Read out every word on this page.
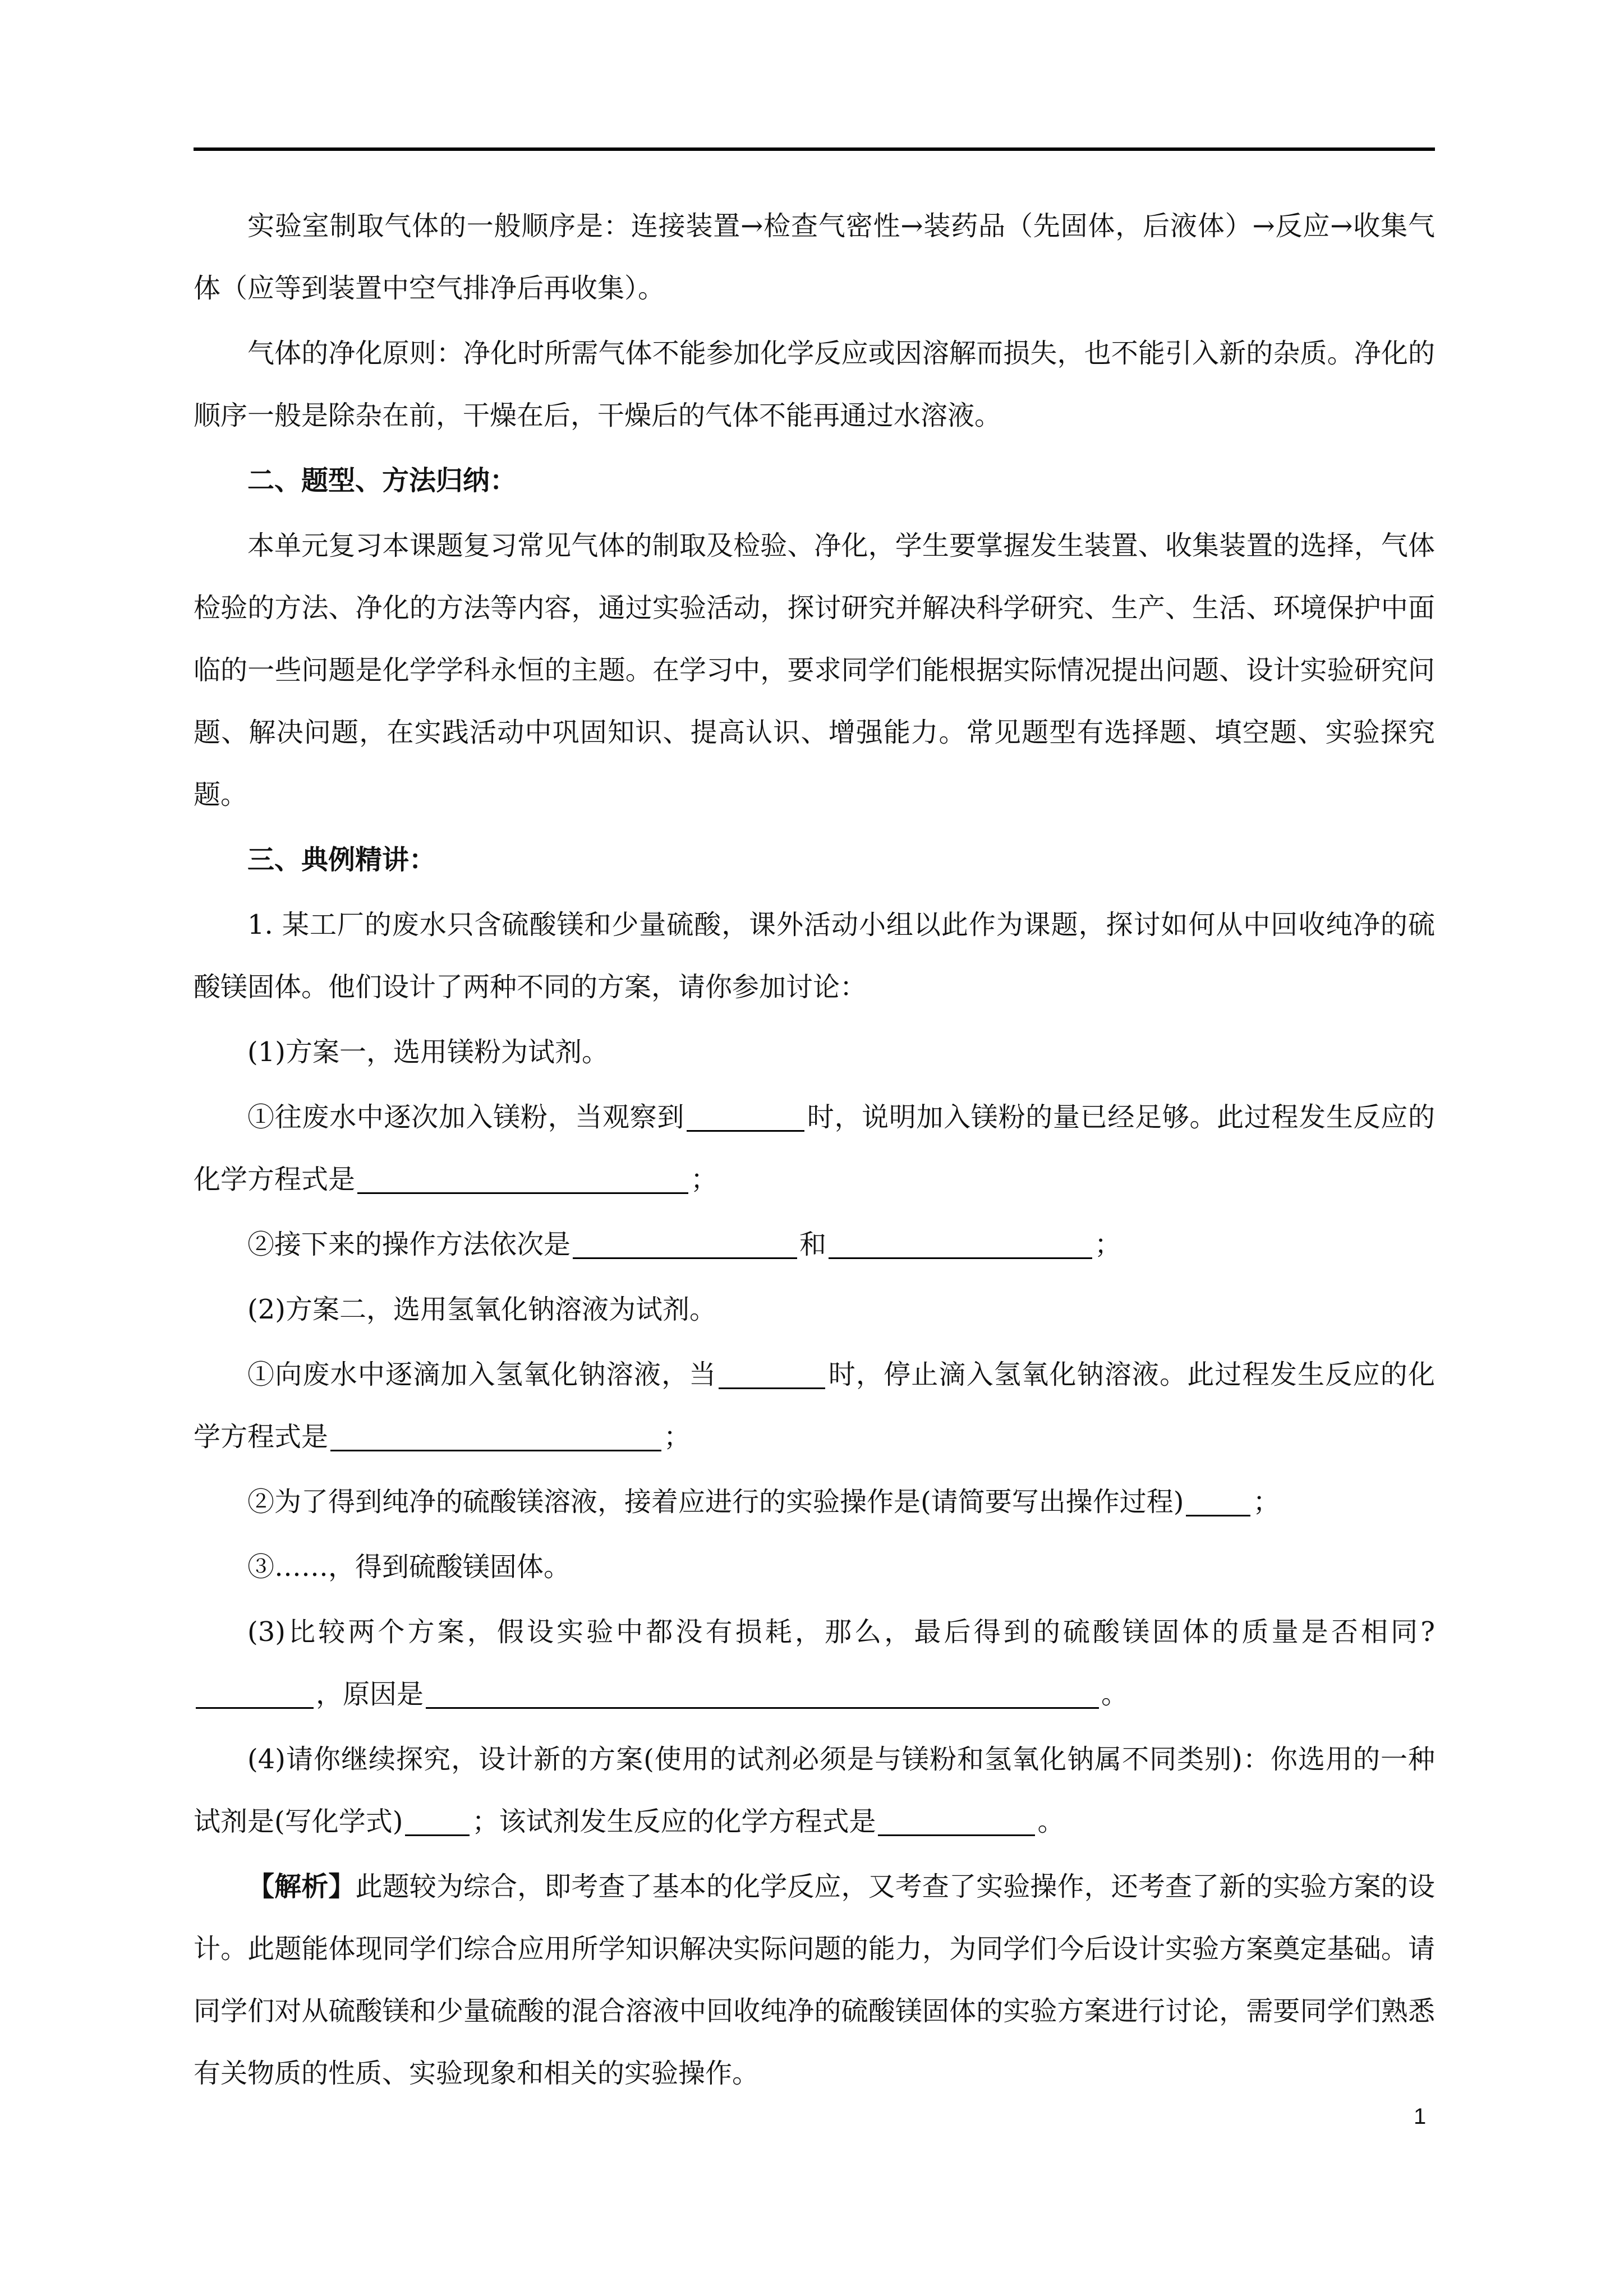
实验室制取气体的一般顺序是：连接装置→检查气密性→装药品（先固体，后液体）→反应→收集气体（应等到装置中空气排净后再收集）。

气体的净化原则：净化时所需气体不能参加化学反应或因溶解而损失，也不能引入新的杂质。净化的顺序一般是除杂在前，干燥在后，干燥后的气体不能再通过水溶液。

二、题型、方法归纳：

本单元复习本课题复习常见气体的制取及检验、净化，学生要掌握发生装置、收集装置的选择，气体检验的方法、净化的方法等内容，通过实验活动，探讨研究并解决科学研究、生产、生活、环境保护中面临的一些问题是化学学科永恒的主题。在学习中，要求同学们能根据实际情况提出问题、设计实验研究问题、解决问题，在实践活动中巩固知识、提高认识、增强能力。常见题型有选择题、填空题、实验探究题。

三、典例精讲：

1. 某工厂的废水只含硫酸镁和少量硫酸，课外活动小组以此作为课题，探讨如何从中回收纯净的硫酸镁固体。他们设计了两种不同的方案，请你参加讨论：

(1)方案一，选用镁粉为试剂。

①往废水中逐次加入镁粉，当观察到	时，说明加入镁粉的量已经足够。此过程发生反应的化学方程式是	；

②接下来的操作方法依次是	和	；

(2)方案二，选用氢氧化钠溶液为试剂。

①向废水中逐滴加入氢氧化钠溶液，当	时，停止滴入氢氧化钠溶液。此过程发生反应的化学方程式是	；

②为了得到纯净的硫酸镁溶液，接着应进行的实验操作是(请简要写出操作过程)	；

③……，得到硫酸镁固体。

(3)比较两个方案，假设实验中都没有损耗，那么，最后得到的硫酸镁固体的质量是否相同?，原因是	。

(4)请你继续探究，设计新的方案(使用的试剂必须是与镁粉和氢氧化钠属不同类别)：你选用的一种试剂是(写化学式)	；该试剂发生反应的化学方程式是	。

【解析】此题较为综合，即考查了基本的化学反应，又考查了实验操作，还考查了新的实验方案的设计。此题能体现同学们综合应用所学知识解决实际问题的能力，为同学们今后设计实验方案奠定基础。请同学们对从硫酸镁和少量硫酸的混合溶液中回收纯净的硫酸镁固体的实验方案进行讨论，需要同学们熟悉有关物质的性质、实验现象和相关的实验操作。

1
